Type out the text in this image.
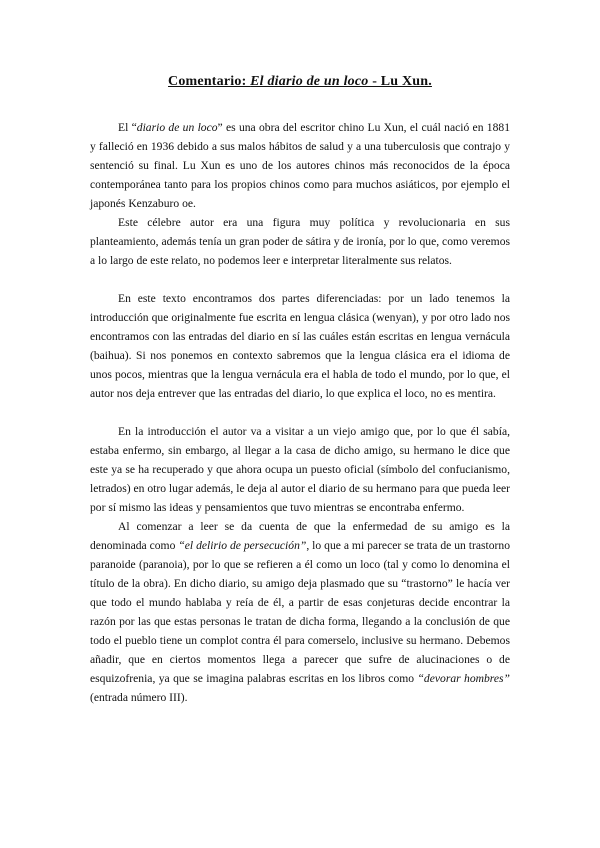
Comentario: El diario de un loco - Lu Xun.

El “diario de un loco” es una obra del escritor chino Lu Xun, el cuál nació en 1881 y falleció en 1936 debido a sus malos hábitos de salud y a una tuberculosis que contrajo y sentenció su final. Lu Xun es uno de los autores chinos más reconocidos de la época contemporánea tanto para los propios chinos como para muchos asiáticos, por ejemplo el japonés Kenzaburo oe.

Este célebre autor era una figura muy política y revolucionaria en sus planteamiento, además tenía un gran poder de sátira y de ironía, por lo que, como veremos a lo largo de este relato, no podemos leer e interpretar literalmente sus relatos.

En este texto encontramos dos partes diferenciadas: por un lado tenemos la introducción que originalmente fue escrita en lengua clásica (wenyan), y por otro lado nos encontramos con las entradas del diario en sí las cuáles están escritas en lengua vernácula (baihua). Si nos ponemos en contexto sabremos que la lengua clásica era el idioma de unos pocos, mientras que la lengua vernácula era el habla de todo el mundo, por lo que, el autor nos deja entrever que las entradas del diario, lo que explica el loco, no es mentira.

En la introducción el autor va a visitar a un viejo amigo que, por lo que él sabía, estaba enfermo, sin embargo, al llegar a la casa de dicho amigo, su hermano le dice que este ya se ha recuperado y que ahora ocupa un puesto oficial (símbolo del confucianismo, letrados) en otro lugar además, le deja al autor el diario de su hermano para que pueda leer por sí mismo las ideas y pensamientos que tuvo mientras se encontraba enfermo.

Al comenzar a leer se da cuenta de que la enfermedad de su amigo es la denominada como “el delirio de persecución”, lo que a mi parecer se trata de un trastorno paranoide (paranoia), por lo que se refieren a él como un loco (tal y como lo denomina el título de la obra). En dicho diario, su amigo deja plasmado que su “trastorno” le hacía ver que todo el mundo hablaba y reía de él, a partir de esas conjeturas decide encontrar la razón por las que estas personas le tratan de dicha forma, llegando a la conclusión de que todo el pueblo tiene un complot contra él para comerselo, inclusive su hermano. Debemos añadir, que en ciertos momentos llega a parecer que sufre de alucinaciones o de esquizofrenia, ya que se imagina palabras escritas en los libros como “devorar hombres” (entrada número III).
